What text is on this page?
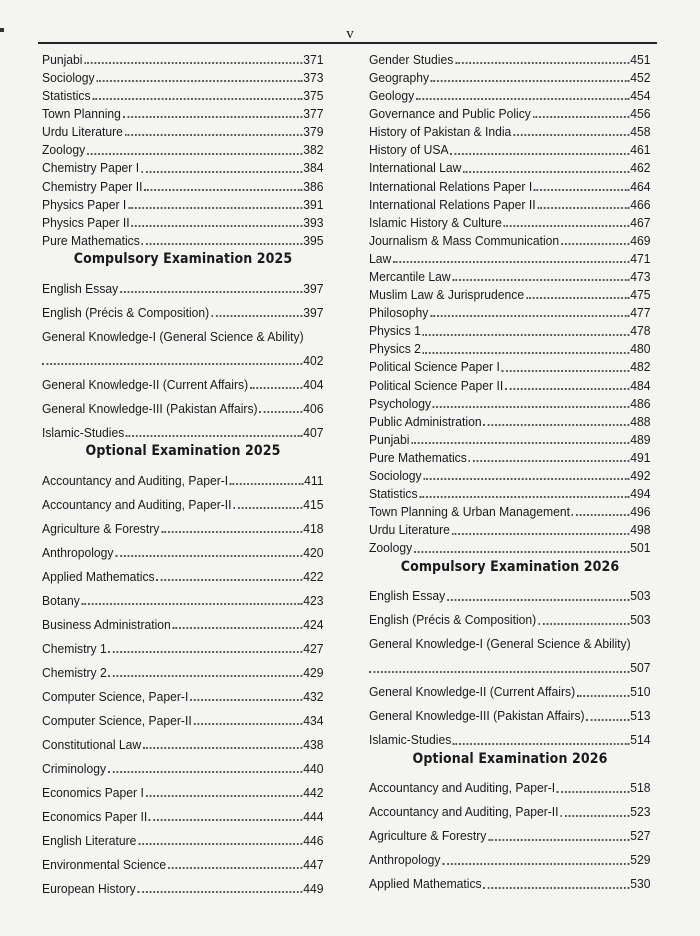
v
Punjabi	371
Sociology	373
Statistics	375
Town Planning	377
Urdu Literature	379
Zoology	382
Chemistry Paper I	384
Chemistry Paper II	386
Physics Paper I	391
Physics Paper II	393
Pure Mathematics	395
Compulsory Examination 2025
English Essay	397
English (Précis & Composition)	397
General Knowledge-I (General Science & Ability)
402
General Knowledge-II (Current Affairs)	404
General Knowledge-III (Pakistan Affairs)	406
Islamic-Studies	407
Optional Examination 2025
Accountancy and Auditing, Paper-I	411
Accountancy and Auditing, Paper-II	415
Agriculture & Forestry	418
Anthropology	420
Applied Mathematics	422
Botany	423
Business Administration	424
Chemistry 1	427
Chemistry 2	429
Computer Science, Paper-I	432
Computer Science, Paper-II	434
Constitutional Law	438
Criminology	440
Economics Paper I	442
Economics Paper II	444
English Literature	446
Environmental Science	447
European History	449
Gender Studies	451
Geography	452
Geology	454
Governance and Public Policy	456
History of Pakistan & India	458
History of USA	461
International Law	462
International Relations Paper I	464
International Relations Paper II	466
Islamic History & Culture	467
Journalism & Mass Communication	469
Law	471
Mercantile Law	473
Muslim Law & Jurisprudence	475
Philosophy	477
Physics 1	478
Physics 2	480
Political Science Paper I	482
Political Science Paper II	484
Psychology	486
Public Administration	488
Punjabi	489
Pure Mathematics	491
Sociology	492
Statistics	494
Town Planning & Urban Management	496
Urdu Literature	498
Zoology	501
Compulsory Examination 2026
English Essay	503
English (Précis & Composition)	503
General Knowledge-I (General Science & Ability)
507
General Knowledge-II (Current Affairs)	510
General Knowledge-III (Pakistan Affairs)	513
Islamic-Studies	514
Optional Examination 2026
Accountancy and Auditing, Paper-I	518
Accountancy and Auditing, Paper-II	523
Agriculture & Forestry	527
Anthropology	529
Applied Mathematics	530
